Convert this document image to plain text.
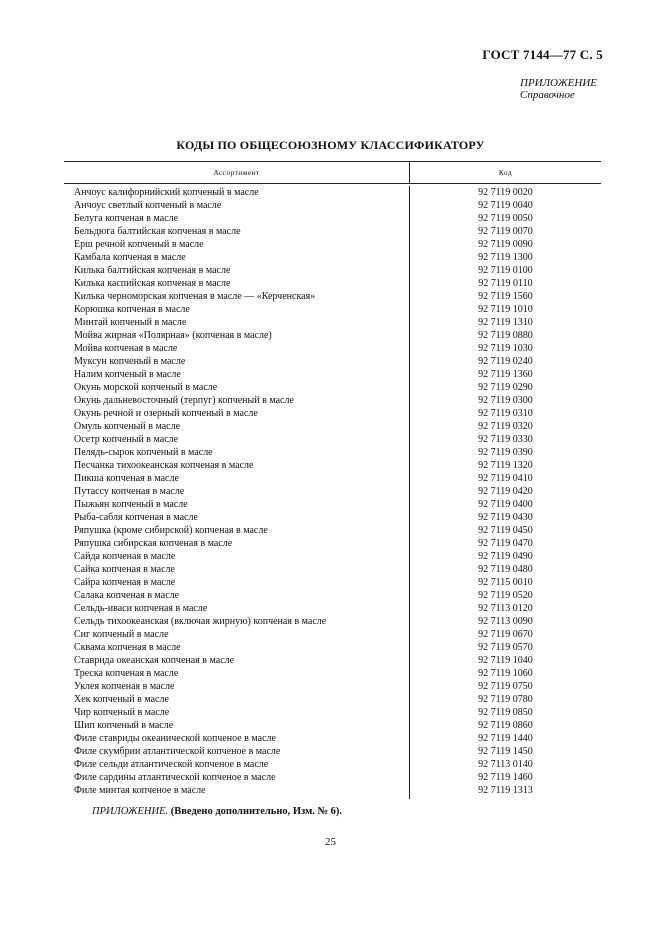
ГОСТ 7144—77 С. 5
ПРИЛОЖЕНИЕ
Справочное
КОДЫ ПО ОБЩЕСОЮЗНОМУ КЛАССИФИКАТОРУ
Ассортимент	Код
Анчоус калифорнийский копченый в масле
Анчоус светлый копченый в масле
Белуга копченая в масле
Бельдюга балтийская копченая в масле
Ерш речной копченый в масле
Камбала копченая в масле
Килька балтийская копченая в масле
Килька каспийская копченая в масле
Килька черноморская копченая в масле — «Керченская»
Корюшка копченая в масле
Минтай копченый в масле
Мойва жирная «Полярная» (копченая в масле)
Мойва копченая в масле
Муксун копченый в масле
Налим копченый в масле
Окунь морской копченый в масле
Окунь дальневосточный (терпуг) копченый в масле
Окунь речной и озерный копченый в масле
Омуль копченый в масле
Осетр копченый в масле
Пелядь-сырок копченый в масле
Песчанка тихоокеанская копченая в масле
Пикша копченая в масле
Путассу копченая в масле
Пыжьян копченый в масле
Рыба-сабля копченая в масле
Ряпушка (кроме сибирской) копченая в масле
Ряпушка сибирская копченая в масле
Сайда копченая в масле
Сайка копченая в масле
Сайра копченая в масле
Салака копченая в масле
Сельдь-иваси копченая в масле
Сельдь тихоокеанская (включая жирную) копченая в масле
Сиг копченый в масле
Сквама копченая в масле
Ставрида океанская копченая в масле
Треска копченая в масле
Уклея копченая в масле
Хек копченый в масле
Чир копченый в масле
Шип копченый в масле
Филе ставриды океанической копченое в масле
Филе скумбрии атлантической копченое в масле
Филе сельди атлантической копченое в масле
Филе сардины атлантической копченое в масле
Филе минтая копченое в масле
92 7119 0020
92 7119 0040
92 7119 0050
92 7119 0070
92 7119 0090
92 7119 1300
92 7119 0100
92 7119 0110
92 7119 1560
92 7119 1010
92 7119 1310
92 7119 0880
92 7119 1030
92 7119 0240
92 7119 1360
92 7119 0290
92 7119 0300
92 7119 0310
92 7119 0320
92 7119 0330
92 7119 0390
92 7119 1320
92 7119 0410
92 7119 0420
92 7119 0400
92 7119 0430
92 7119 0450
92 7119 0470
92 7119 0490
92 7119 0480
92 7115 0010
92 7119 0520
92 7113 0120
92 7113 0090
92 7119 0670
92 7119 0570
92 7119 1040
92 7119 1060
92 7119 0750
92 7119 0780
92 7119 0850
92 7119 0860
92 7119 1440
92 7119 1450
92 7113 0140
92 7119 1460
92 7119 1313
ПРИЛОЖЕНИЕ. (Введено дополнительно, Изм. № 6).
25
